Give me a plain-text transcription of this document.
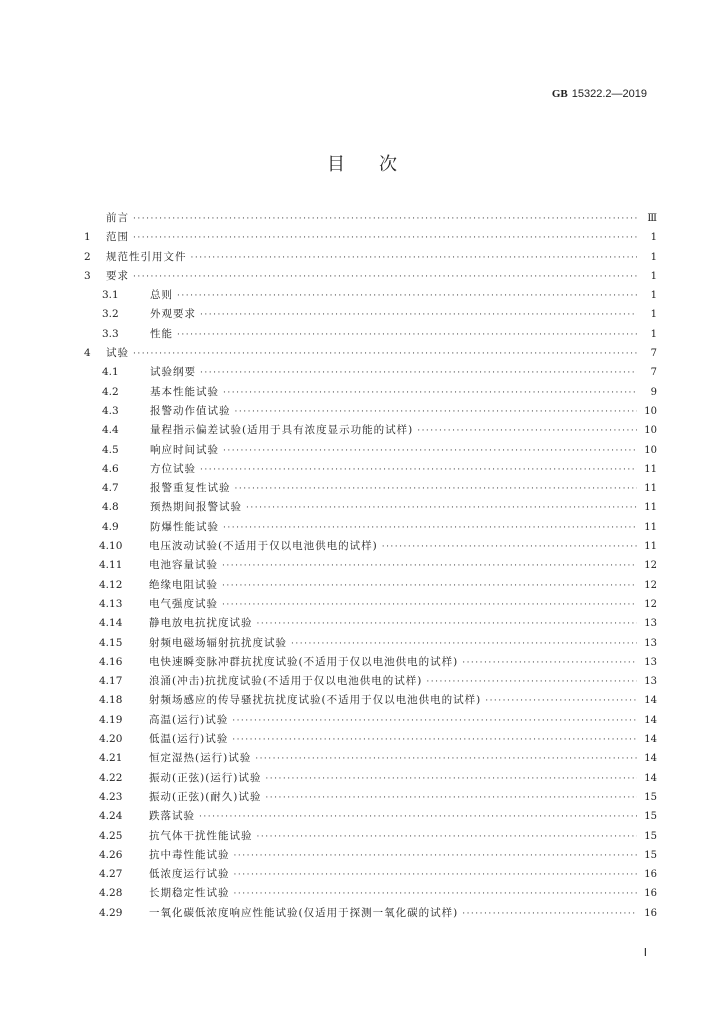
GB 15322.2—2019
目次
前言 ·····	Ⅲ
1	范围 ·····	1
2	规范性引用文件 ·····	1
3	要求 ·····	1
3.1	总则 ·····	1
3.2	外观要求 ·····	1
3.3	性能 ·····	1
4	试验 ·····	7
4.1	试验纲要 ·····	7
4.2	基本性能试验 ·····	9
4.3	报警动作值试验 ·····	10
4.4	量程指示偏差试验(适用于具有浓度显示功能的试样) ·····	10
4.5	响应时间试验 ·····	10
4.6	方位试验 ·····	11
4.7	报警重复性试验 ·····	11
4.8	预热期间报警试验 ·····	11
4.9	防爆性能试验 ·····	11
4.10	电压波动试验(不适用于仅以电池供电的试样) ·····	11
4.11	电池容量试验 ·····	12
4.12	绝缘电阻试验 ·····	12
4.13	电气强度试验 ·····	12
4.14	静电放电抗扰度试验 ·····	13
4.15	射频电磁场辐射抗扰度试验 ·····	13
4.16	电快速瞬变脉冲群抗扰度试验(不适用于仅以电池供电的试样) ·····	13
4.17	浪涌(冲击)抗扰度试验(不适用于仅以电池供电的试样) ·····	13
4.18	射频场感应的传导骚扰抗扰度试验(不适用于仅以电池供电的试样) ·····	14
4.19	高温(运行)试验 ·····	14
4.20	低温(运行)试验 ·····	14
4.21	恒定湿热(运行)试验 ·····	14
4.22	振动(正弦)(运行)试验 ·····	14
4.23	振动(正弦)(耐久)试验 ·····	15
4.24	跌落试验 ·····	15
4.25	抗气体干扰性能试验 ·····	15
4.26	抗中毒性能试验 ·····	15
4.27	低浓度运行试验 ·····	16
4.28	长期稳定性试验 ·····	16
4.29	一氧化碳低浓度响应性能试验(仅适用于探测一氧化碳的试样) ·····	16
Ⅰ
